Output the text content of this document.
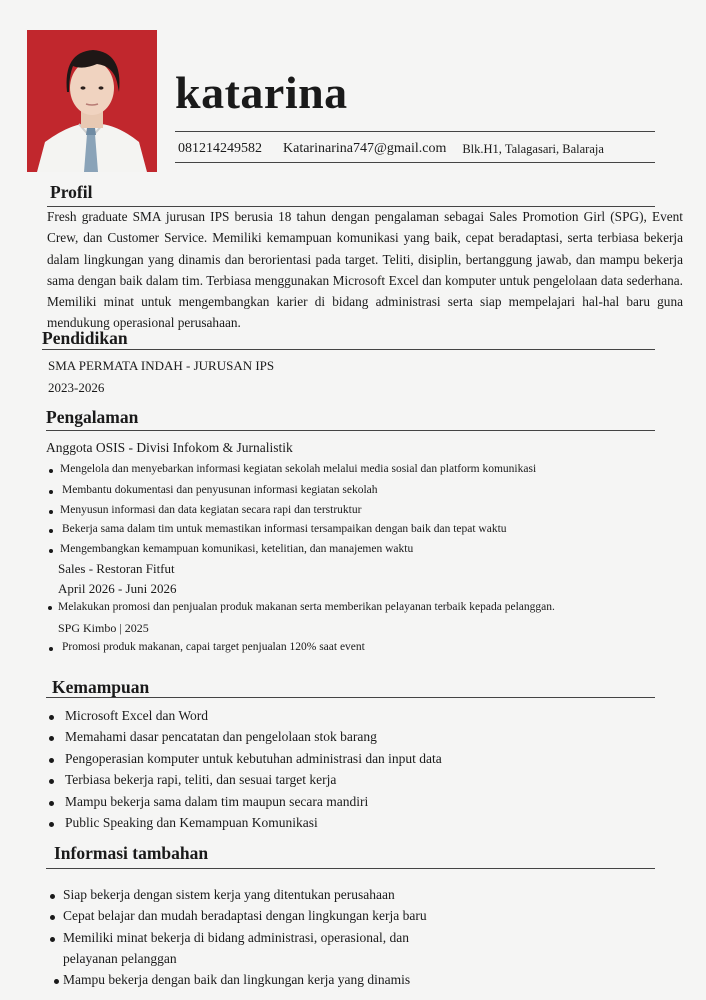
katarina
081214249582 Katarinarina747@gmail.com Blk.H1, Talagasari, Balaraja
Profil

Fresh graduate SMA jurusan IPS berusia 18 tahun dengan pengalaman sebagai Sales Promotion Girl (SPG), Event Crew, dan Customer Service. Memiliki kemampuan komunikasi yang baik, cepat beradaptasi, serta terbiasa bekerja dalam lingkungan yang dinamis dan berorientasi pada target. Teliti, disiplin, bertanggung jawab, dan mampu bekerja sama dengan baik dalam tim. Terbiasa menggunakan Microsoft Excel dan komputer untuk pengelolaan data sederhana. Memiliki minat untuk mengembangkan karier di bidang administrasi serta siap mempelajari hal-hal baru guna mendukung operasional perusahaan.

Pendidikan
SMA PERMATA INDAH - JURUSAN IPS
2023-2026
Pengalaman
Anggota OSIS - Divisi Infokom & Jurnalistik
Mengelola dan menyebarkan informasi kegiatan sekolah melalui media sosial dan platform komunikasi
Membantu dokumentasi dan penyusunan informasi kegiatan sekolah
Menyusun informasi dan data kegiatan secara rapi dan terstruktur
Bekerja sama dalam tim untuk memastikan informasi tersampaikan dengan baik dan tepat waktu
Mengembangkan kemampuan komunikasi, ketelitian, dan manajemen waktu
Sales - Restoran Fitfut
April 2026 - Juni 2026
Melakukan promosi dan penjualan produk makanan serta memberikan pelayanan terbaik kepada pelanggan.
SPG Kimbo | 2025
Promosi produk makanan, capai target penjualan 120% saat event
Kemampuan
Microsoft Excel dan Word
Memahami dasar pencatatan dan pengelolaan stok barang
Pengoperasian komputer untuk kebutuhan administrasi dan input data
Terbiasa bekerja rapi, teliti, dan sesuai target kerja
Mampu bekerja sama dalam tim maupun secara mandiri
Public Speaking dan Kemampuan Komunikasi
Informasi tambahan
Siap bekerja dengan sistem kerja yang ditentukan perusahaan
Cepat belajar dan mudah beradaptasi dengan lingkungan kerja baru
Memiliki minat bekerja di bidang administrasi, operasional, dan
pelayanan pelanggan
Mampu bekerja dengan baik dan lingkungan kerja yang dinamis
